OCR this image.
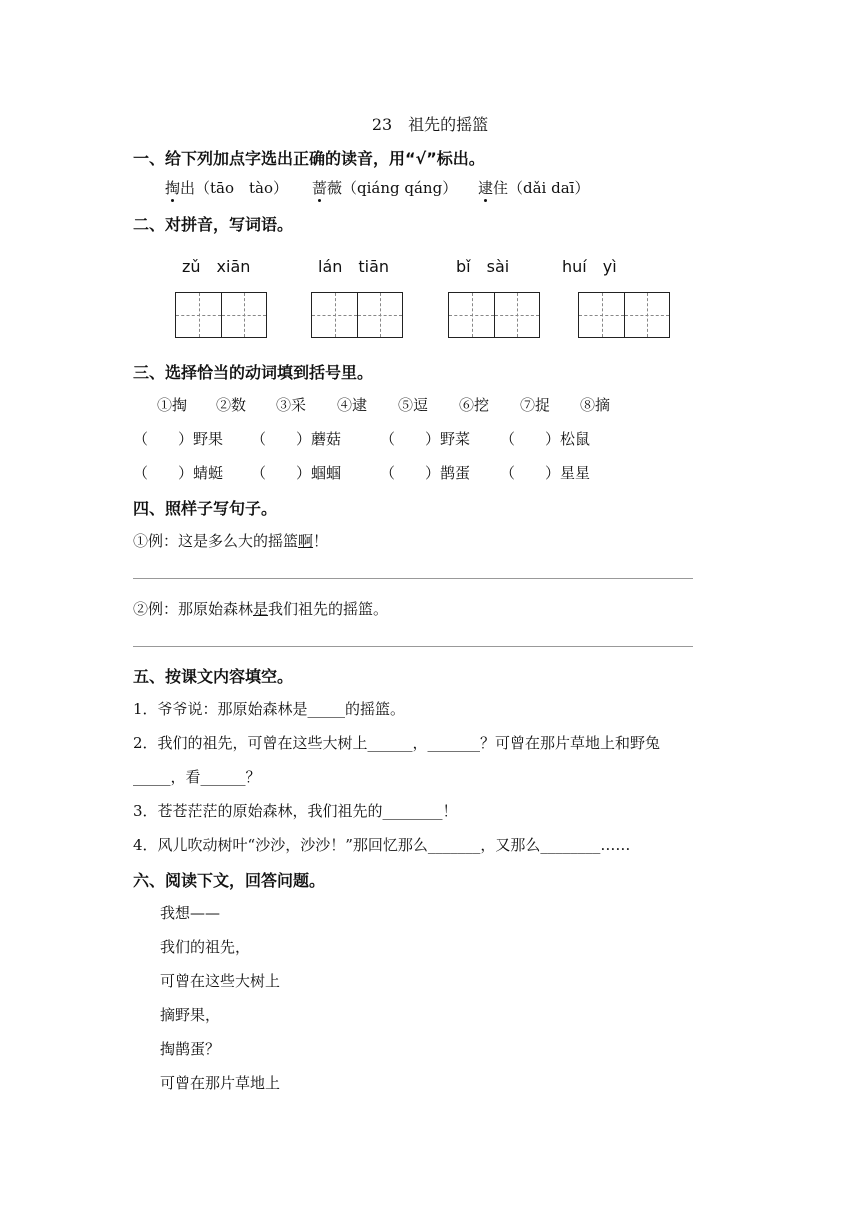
23　祖先的摇篮
一、给下列加点字选出正确的读音，用“√”标出。
掏出（tāo　tào） 蔷薇（qiáng qáng） 逮住（dǎi daī）
二、对拼音，写词语。
zǔ　xiān	lán　tiān	bǐ　sài	huí　yì
三、选择恰当的动词填到括号里。
①掏 ②数 ③采 ④逮 ⑤逗 ⑥挖 ⑦捉 ⑧摘
（　　）野果 （　　）蘑菇	（　　）野菜 （　　）松鼠
（　　）蜻蜓 （　　）蝈蝈	（　　）鹊蛋 （　　）星星
四、照样子写句子。
①例：这是多么大的摇篮啊！
②例：那原始森林是我们祖先的摇篮。
五、按课文内容填空。
1．爷爷说：那原始森林是_____的摇篮。
2．我们的祖先，可曾在这些大树上______，_______？可曾在那片草地上和野兔
_____，看______？
3．苍苍茫茫的原始森林，我们祖先的________！
4．风儿吹动树叶“沙沙，沙沙！”那回忆那么_______，又那么________……
六、阅读下文，回答问题。
我想——
我们的祖先，
可曾在这些大树上
摘野果，
掏鹊蛋？
可曾在那片草地上
